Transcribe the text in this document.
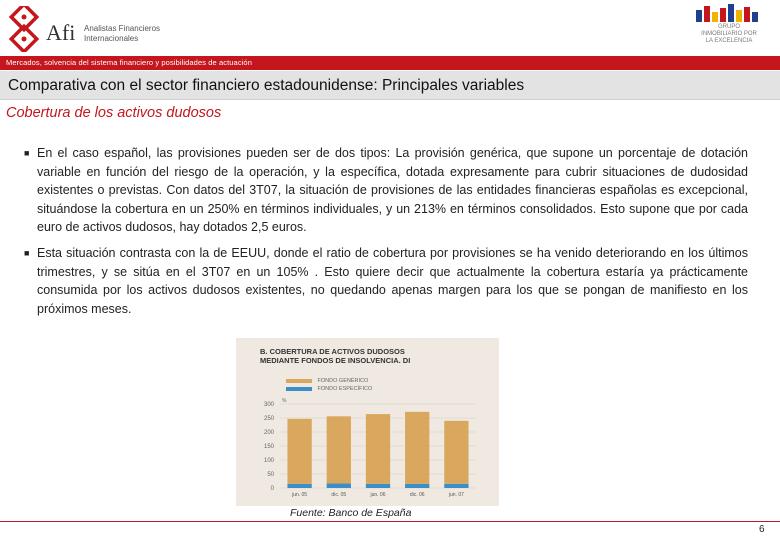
Afi Analistas Financieros
Internacionales
GRUPO
INMOBILIARIO POR
LA EXCELENCIA
Mercados, solvencia del sistema financiero y posibilidades de actuación
Comparativa con el sector financiero estadounidense: Principales variables
Cobertura de los activos dudosos
■ En el caso español, las provisiones pueden ser de dos tipos: La provisión genérica, que supone un porcentaje de dotación variable en función del riesgo de la operación, y la específica, dotada expresamente para cubrir situaciones de dudosidad existentes o previstas. Con datos del 3T07, la situación de provisiones de las entidades financieras españolas es excepcional, situándose la cobertura en un 250% en términos individuales, y un 213% en términos consolidados. Esto supone que por cada euro de activos dudosos, hay dotados 2,5 euros.
■ Esta situación contrasta con la de EEUU, donde el ratio de cobertura por provisiones se ha venido deteriorando en los últimos trimestres, y se sitúa en el 3T07 en un 105% . Esto quiere decir que actualmente la cobertura estaría ya prácticamente consumida por los activos dudosos existentes, no quedando apenas margen para los que se pongan de manifiesto en los próximos meses.
B. COBERTURA DE ACTIVOS DUDOSOS
MEDIANTE FONDOS DE INSOLVENCIA. DI
FONDO GENÉRICO
FONDO ESPECÍFICO
%
0
50
100
150
200
250
300
jun. 05	dic. 05	jun. 06	dic. 06	jun. 07
Fuente: Banco de España
6
